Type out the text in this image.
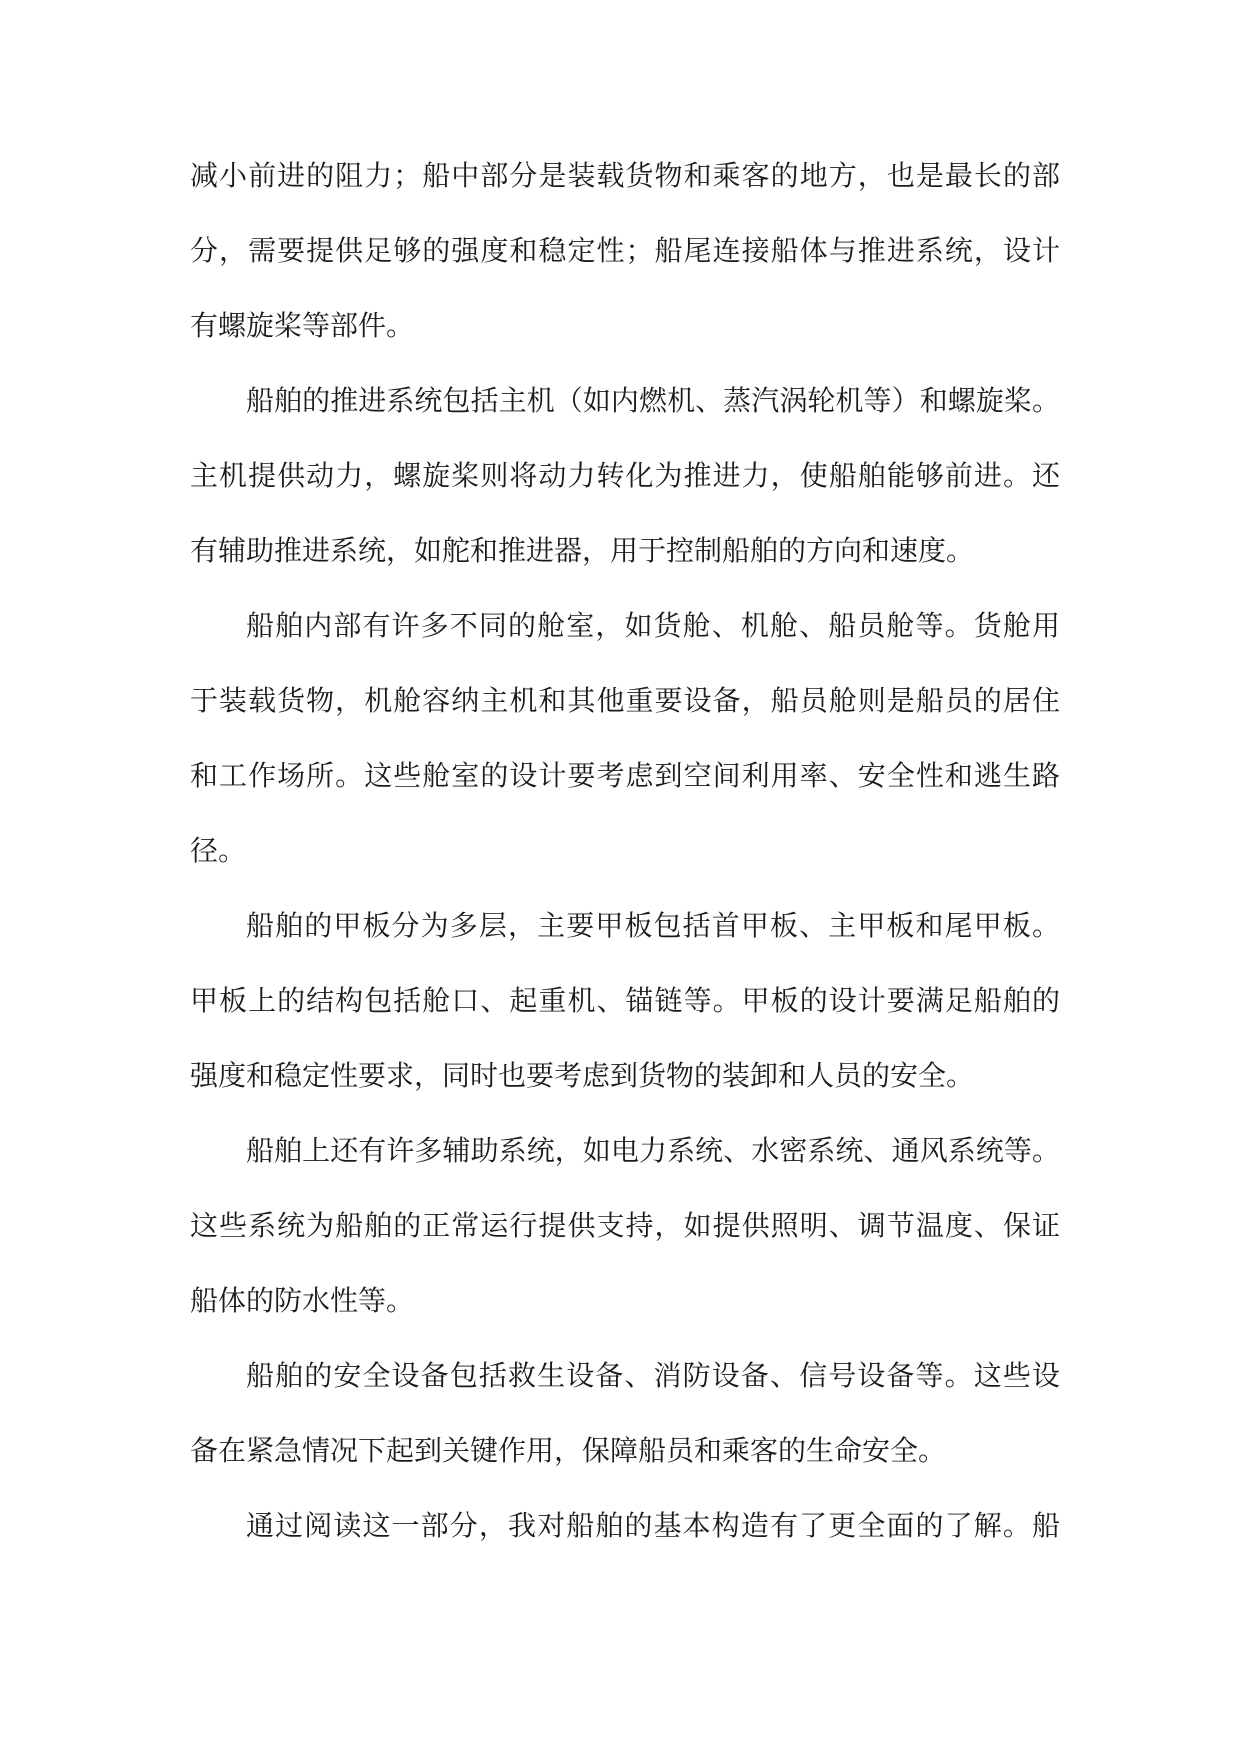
减小前进的阻力；船中部分是装载货物和乘客的地方，也是最长的部
分，需要提供足够的强度和稳定性；船尾连接船体与推进系统，设计
有螺旋桨等部件。
船舶的推进系统包括主机（如内燃机、蒸汽涡轮机等）和螺旋桨。
主机提供动力，螺旋桨则将动力转化为推进力，使船舶能够前进。还
有辅助推进系统，如舵和推进器，用于控制船舶的方向和速度。
船舶内部有许多不同的舱室，如货舱、机舱、船员舱等。货舱用
于装载货物，机舱容纳主机和其他重要设备，船员舱则是船员的居住
和工作场所。这些舱室的设计要考虑到空间利用率、安全性和逃生路
径。
船舶的甲板分为多层，主要甲板包括首甲板、主甲板和尾甲板。
甲板上的结构包括舱口、起重机、锚链等。甲板的设计要满足船舶的
强度和稳定性要求，同时也要考虑到货物的装卸和人员的安全。
船舶上还有许多辅助系统，如电力系统、水密系统、通风系统等。
这些系统为船舶的正常运行提供支持，如提供照明、调节温度、保证
船体的防水性等。
船舶的安全设备包括救生设备、消防设备、信号设备等。这些设
备在紧急情况下起到关键作用，保障船员和乘客的生命安全。
通过阅读这一部分，我对船舶的基本构造有了更全面的了解。船
